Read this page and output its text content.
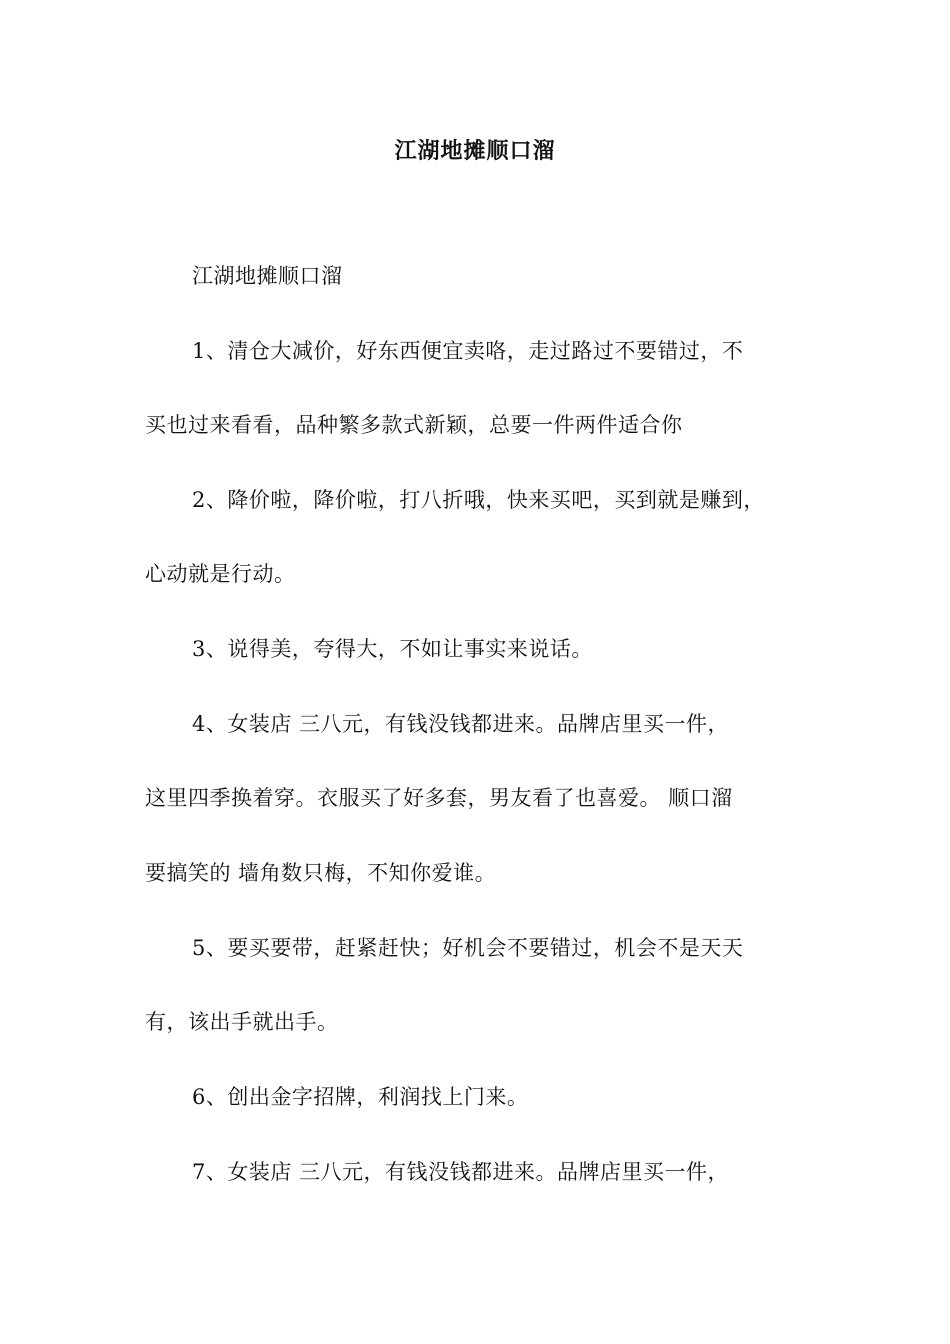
江湖地摊顺口溜
江湖地摊顺口溜
1、清仓大减价，好东西便宜卖咯，走过路过不要错过，不
买也过来看看，品种繁多款式新颖，总要一件两件适合你
2、降价啦，降价啦，打八折哦，快来买吧，买到就是赚到，
心动就是行动。
3、说得美，夸得大，不如让事实来说话。
4、女装店 三八元，有钱没钱都进来。品牌店里买一件，
这里四季换着穿。衣服买了好多套，男友看了也喜爱。 顺口溜
要搞笑的 墙角数只梅，不知你爱谁。
5、要买要带，赶紧赶快；好机会不要错过，机会不是天天
有，该出手就出手。
6、创出金字招牌，利润找上门来。
7、女装店 三八元，有钱没钱都进来。品牌店里买一件，
